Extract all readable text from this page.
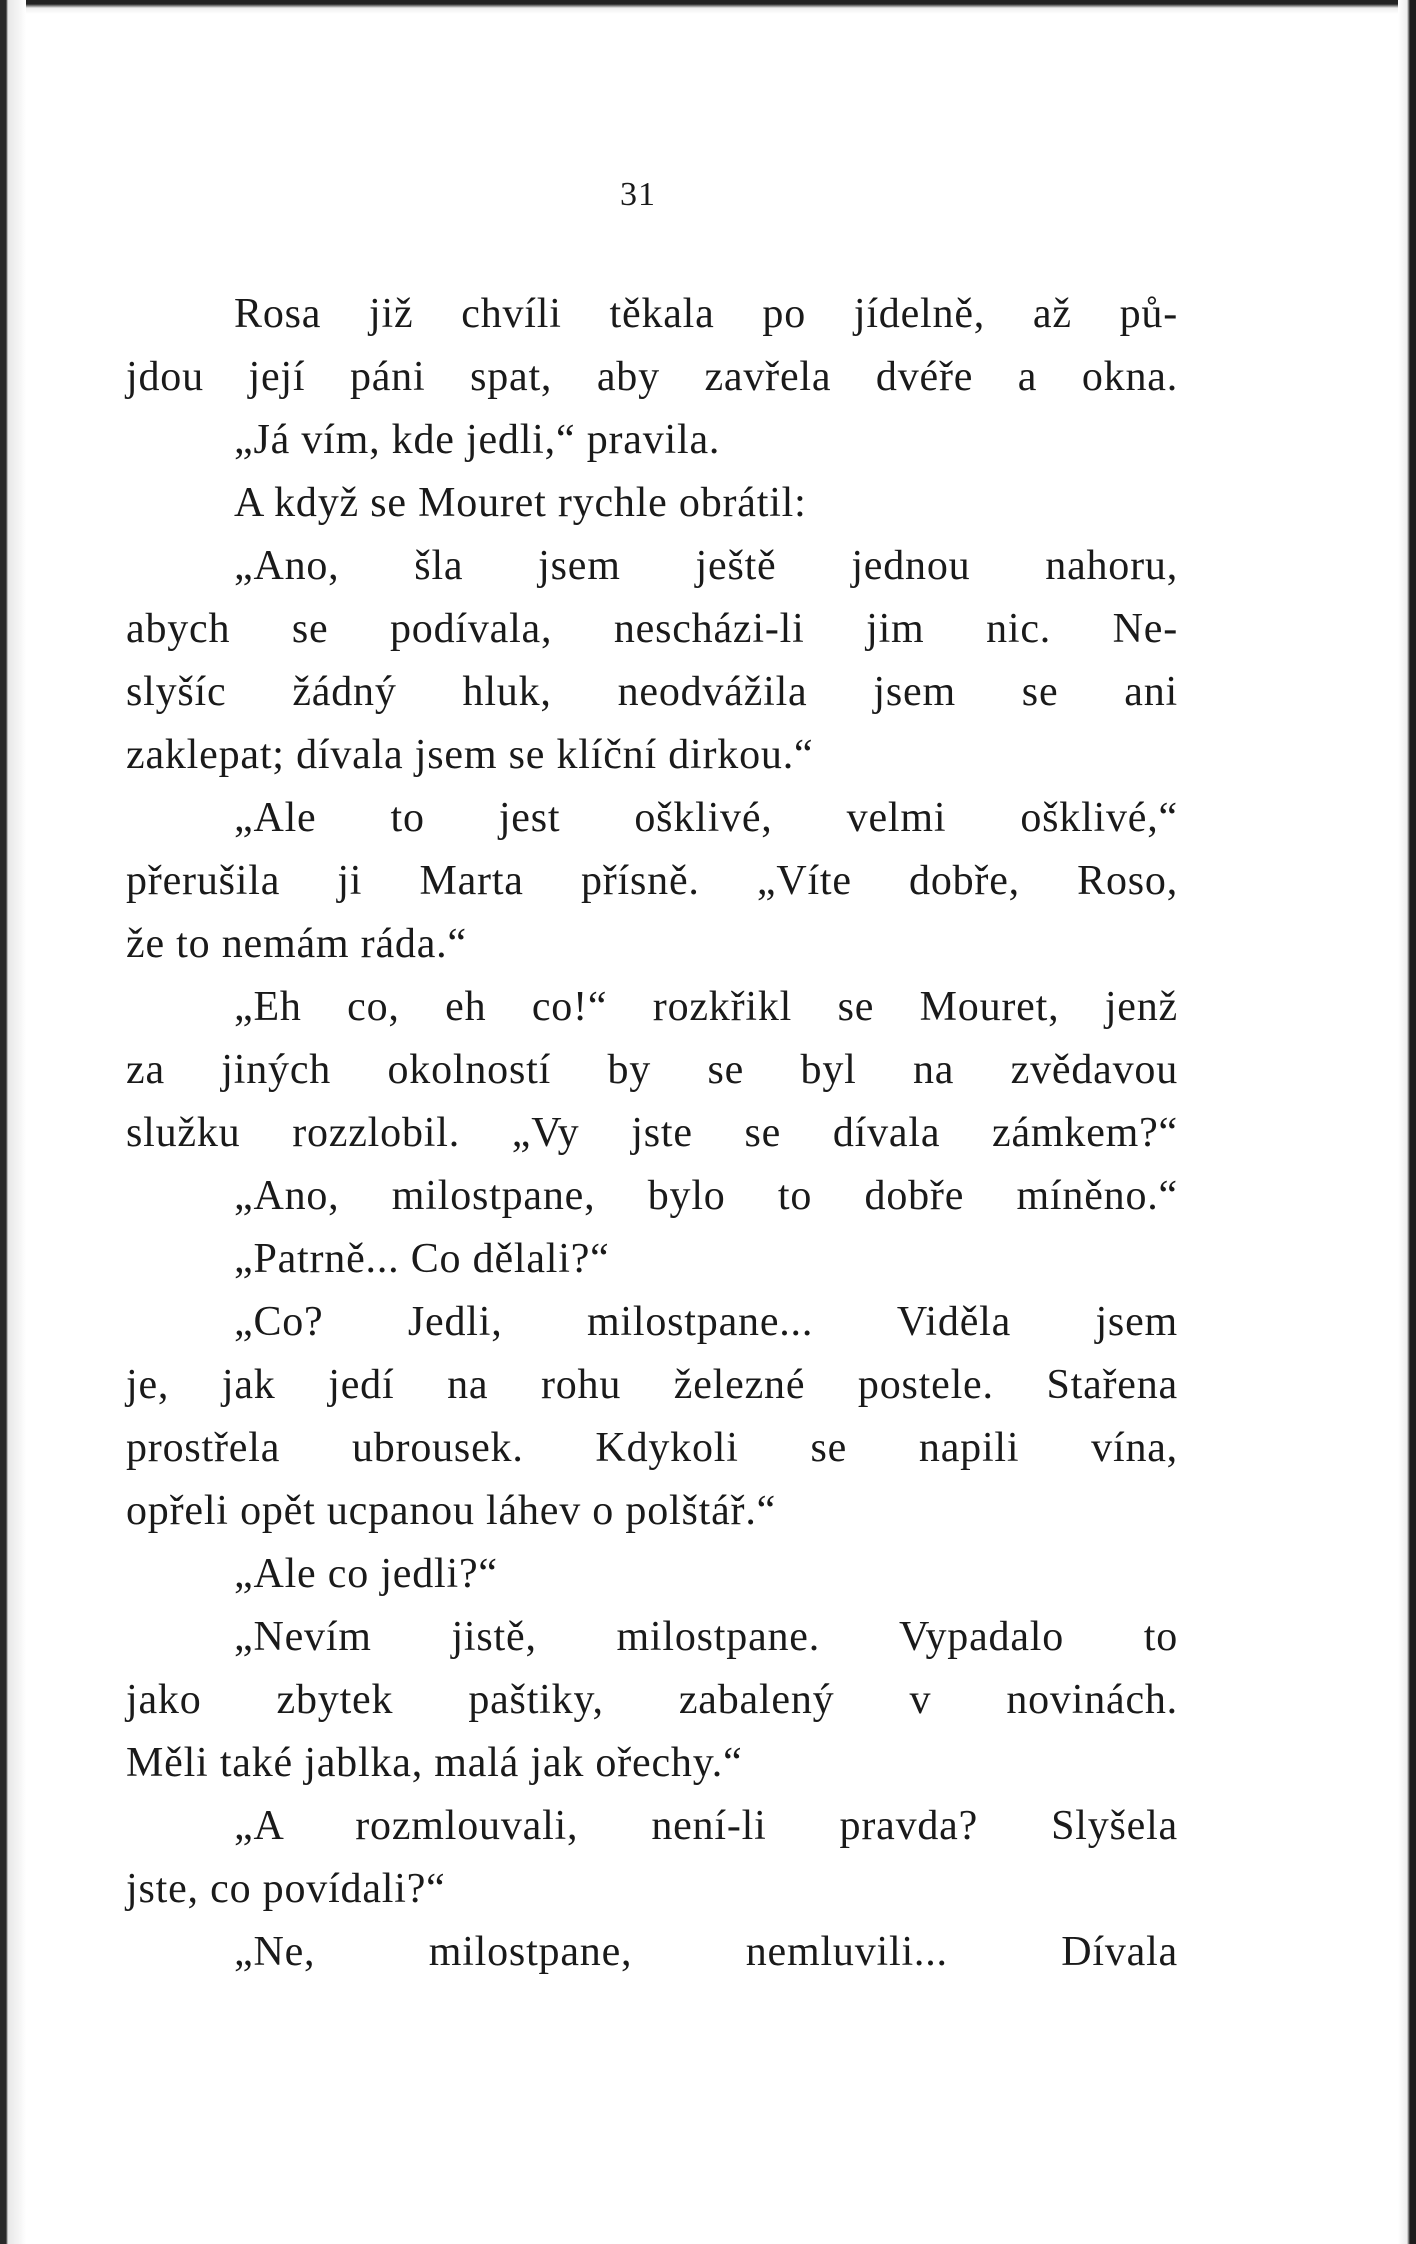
31
Rosa již chvíli těkala po jídelně, až pů-
jdou její páni spat, aby zavřela dvéře a okna.
„Já vím, kde jedli,“ pravila.
A když se Mouret rychle obrátil:
„Ano, šla jsem ještě jednou nahoru,
abych se podívala, nescházi-li jim nic. Ne-
slyšíc žádný hluk, neodvážila jsem se ani
zaklepat; dívala jsem se klíční dirkou.“
„Ale to jest ošklivé, velmi ošklivé,“
přerušila ji Marta přísně. „Víte dobře, Roso,
že to nemám ráda.“
„Eh co, eh co!“ rozkřikl se Mouret, jenž
za jiných okolností by se byl na zvědavou
služku rozzlobil. „Vy jste se dívala zámkem?“
„Ano, milostpane, bylo to dobře míněno.“
„Patrně... Co dělali?“
„Co? Jedli, milostpane... Viděla jsem
je, jak jedí na rohu železné postele. Stařena
prostřela ubrousek. Kdykoli se napili vína,
opřeli opět ucpanou láhev o polštář.“
„Ale co jedli?“
„Nevím jistě, milostpane. Vypadalo to
jako zbytek paštiky, zabalený v novinách.
Měli také jablka, malá jak ořechy.“
„A rozmlouvali, není-li pravda? Slyšela
jste, co povídali?“
„Ne, milostpane, nemluvili... Dívala
